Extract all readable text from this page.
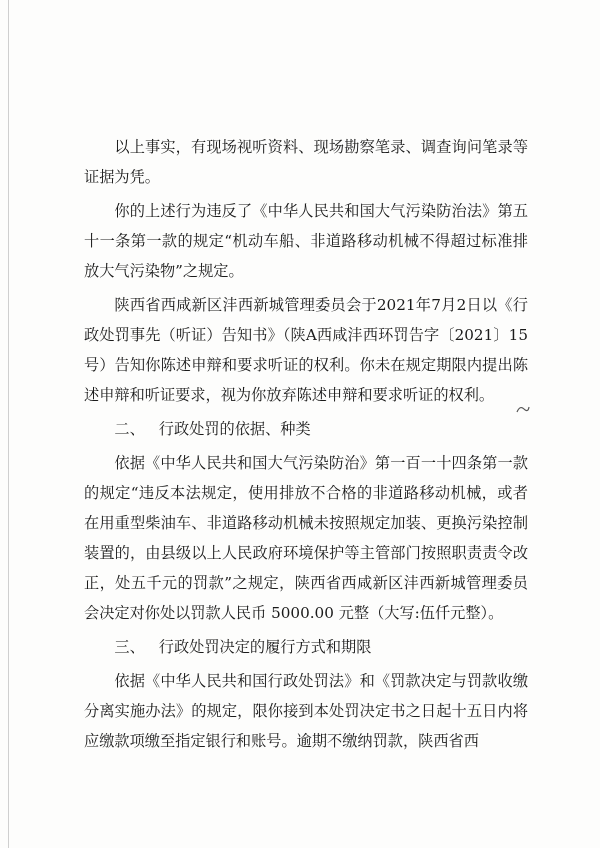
以上事实，有现场视听资料、现场勘察笔录、调查询问笔录等证据为凭。

你的上述行为违反了《中华人民共和国大气污染防治法》第五十一条第一款的规定“机动车船、非道路移动机械不得超过标准排放大气污染物”之规定。

陕西省西咸新区沣西新城管理委员会于2021年7月2日以《行政处罚事先（听证）告知书》（陕A西咸沣西环罚告字〔2021〕15号）告知你陈述申辩和要求听证的权利。你未在规定期限内提出陈述申辩和听证要求，视为你放弃陈述申辩和要求听证的权利。

二、 行政处罚的依据、种类

依据《中华人民共和国大气污染防治》第一百一十四条第一款的规定“违反本法规定，使用排放不合格的非道路移动机械，或者在用重型柴油车、非道路移动机械未按照规定加装、更换污染控制装置的，由县级以上人民政府环境保护等主管部门按照职责责令改正，处五千元的罚款”之规定，陕西省西咸新区沣西新城管理委员会决定对你处以罚款人民币 5000.00 元整（大写:伍仟元整）。

三、 行政处罚决定的履行方式和期限

依据《中华人民共和国行政处罚法》和《罚款决定与罚款收缴分离实施办法》的规定，限你接到本处罚决定书之日起十五日内将应缴款项缴至指定银行和账号。逾期不缴纳罚款，陕西省西
